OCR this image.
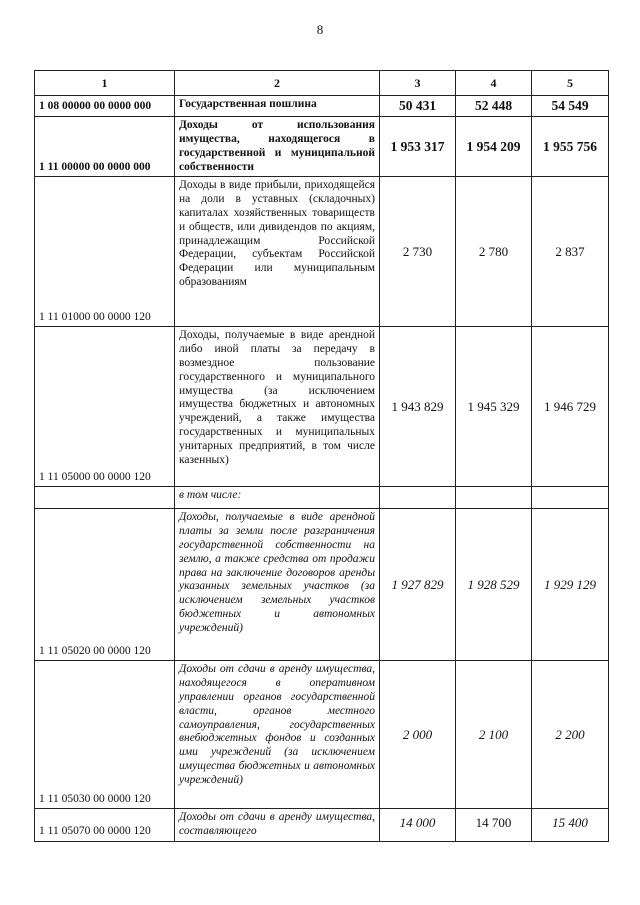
8
1	2	3	4	5
1 08 00000 00 0000 000	Государственная пошлина	50 431	52 448	54 549
1 11 00000 00 0000 000	Доходы от использования имущества, находящегося в государственной и муниципальной собственности	1 953 317	1 954 209	1 955 756
1 11 01000 00 0000 120	Доходы в виде прибыли, приходящейся на доли в уставных (складочных) капиталах хозяйственных товариществ и обществ, или дивидендов по акциям, принадлежащим Российской Федерации, субъектам Российской Федерации или муниципальным образованиям	2 730	2 780	2 837
1 11 05000 00 0000 120	Доходы, получаемые в виде арендной либо иной платы за передачу в возмездное пользование государственного и муниципального имущества (за исключением имущества бюджетных и автономных учреждений, а также имущества государственных и муниципальных унитарных предприятий, в том числе казенных)	1 943 829	1 945 329	1 946 729
	в том числе:			
1 11 05020 00 0000 120	Доходы, получаемые в виде арендной платы за земли после разграничения государственной собственности на землю, а также средства от продажи права на заключение договоров аренды указанных земельных участков (за исключением земельных участков бюджетных и автономных учреждений)	1 927 829	1 928 529	1 929 129
1 11 05030 00 0000 120	Доходы от сдачи в аренду имущества, находящегося в оперативном управлении органов государственной власти, органов местного самоуправления, государственных внебюджетных фондов и созданных ими учреждений (за исключением имущества бюджетных и автономных учреждений)	2 000	2 100	2 200
1 11 05070 00 0000 120	Доходы от сдачи в аренду имущества, составляющего	14 000	14 700	15 400
